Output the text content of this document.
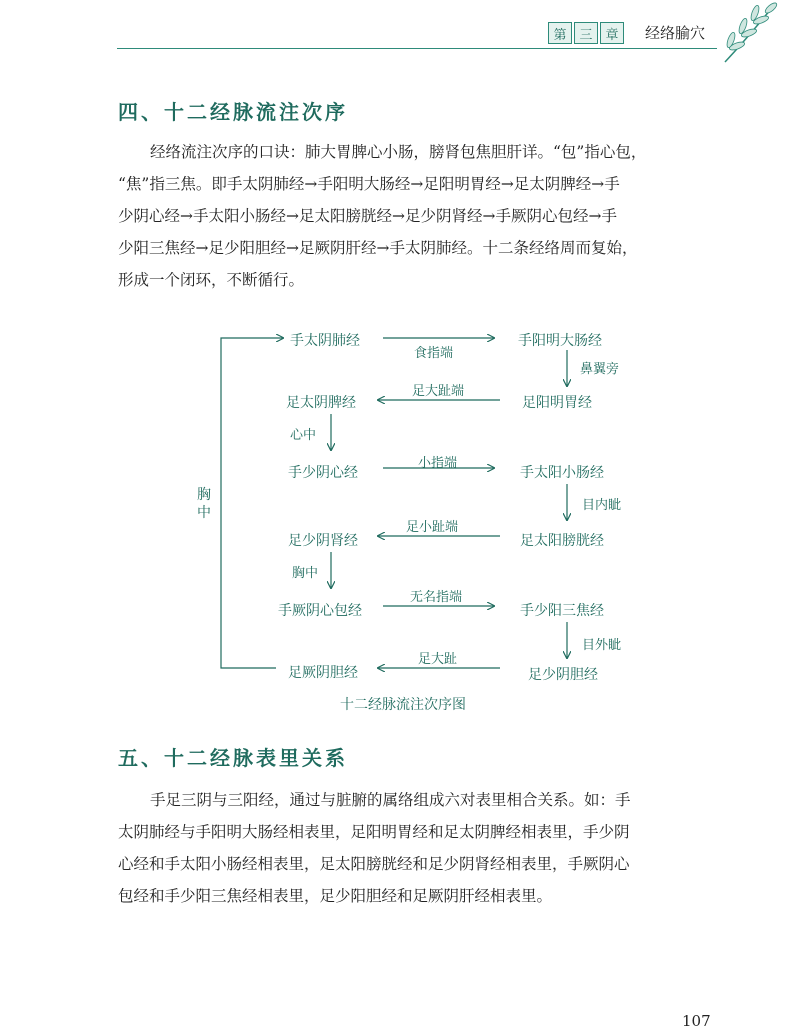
第 三 章	经络腧穴
四、十二经脉流注次序

经络流注次序的口诀：肺大胃脾心小肠，膀肾包焦胆肝详。“包”指心包，
“焦”指三焦。即手太阴肺经→手阳明大肠经→足阳明胃经→足太阴脾经→手
少阴心经→手太阳小肠经→足太阳膀胱经→足少阴肾经→手厥阴心包经→手
少阳三焦经→足少阳胆经→足厥阴肝经→手太阴肺经。十二条经络周而复始，
形成一个闭环，不断循行。

手太阴肺经	手阳明大肠经
足太阴脾经	足阳明胃经
手少阴心经	手太阳小肠经
足少阴肾经	足太阳膀胱经
手厥阴心包经	手少阳三焦经
足厥阴胆经	足少阴胆经
食指端
鼻翼旁
足大趾端
心中
小指端
目内眦
足小趾端
胸中
无名指端
目外眦
足大趾
胸中
十二经脉流注次序图
五、十二经脉表里关系

手足三阴与三阳经，通过与脏腑的属络组成六对表里相合关系。如：手
太阴肺经与手阳明大肠经相表里，足阳明胃经和足太阴脾经相表里，手少阴
心经和手太阳小肠经相表里，足太阳膀胱经和足少阴肾经相表里，手厥阴心
包经和手少阳三焦经相表里，足少阳胆经和足厥阴肝经相表里。

107
